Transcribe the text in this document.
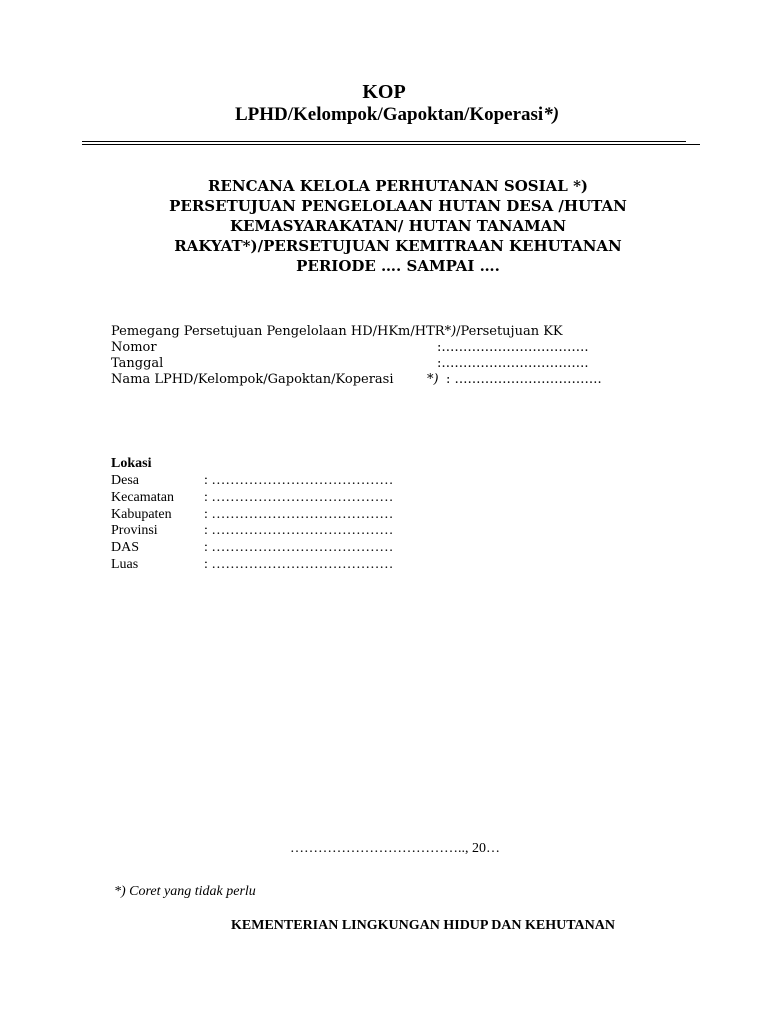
KOP
LPHD/Kelompok/Gapoktan/Koperasi*)
RENCANA KELOLA PERHUTANAN SOSIAL *)
PERSETUJUAN PENGELOLAAN HUTAN DESA /HUTAN
KEMASYARAKATAN/ HUTAN TANAMAN
RAKYAT*)/PERSETUJUAN KEMITRAAN KEHUTANAN
PERIODE …. SAMPAI ….
Pemegang Persetujuan Pengelolaan HD/HKm/HTR*)/Persetujuan KK
Nomor	:…………………………….
Tanggal	:…………………………….
Nama LPHD/Kelompok/Gapoktan/Koperasi	*) : …………………………….
Lokasi
Desa	: …………………………………
Kecamatan : …………………………………
Kabupaten : …………………………………
Provinsi	: …………………………………
DAS	: …………………………………
Luas	: …………………………………
……………………………….., 20…
*) Coret yang tidak perlu
KEMENTERIAN LINGKUNGAN HIDUP DAN KEHUTANAN
